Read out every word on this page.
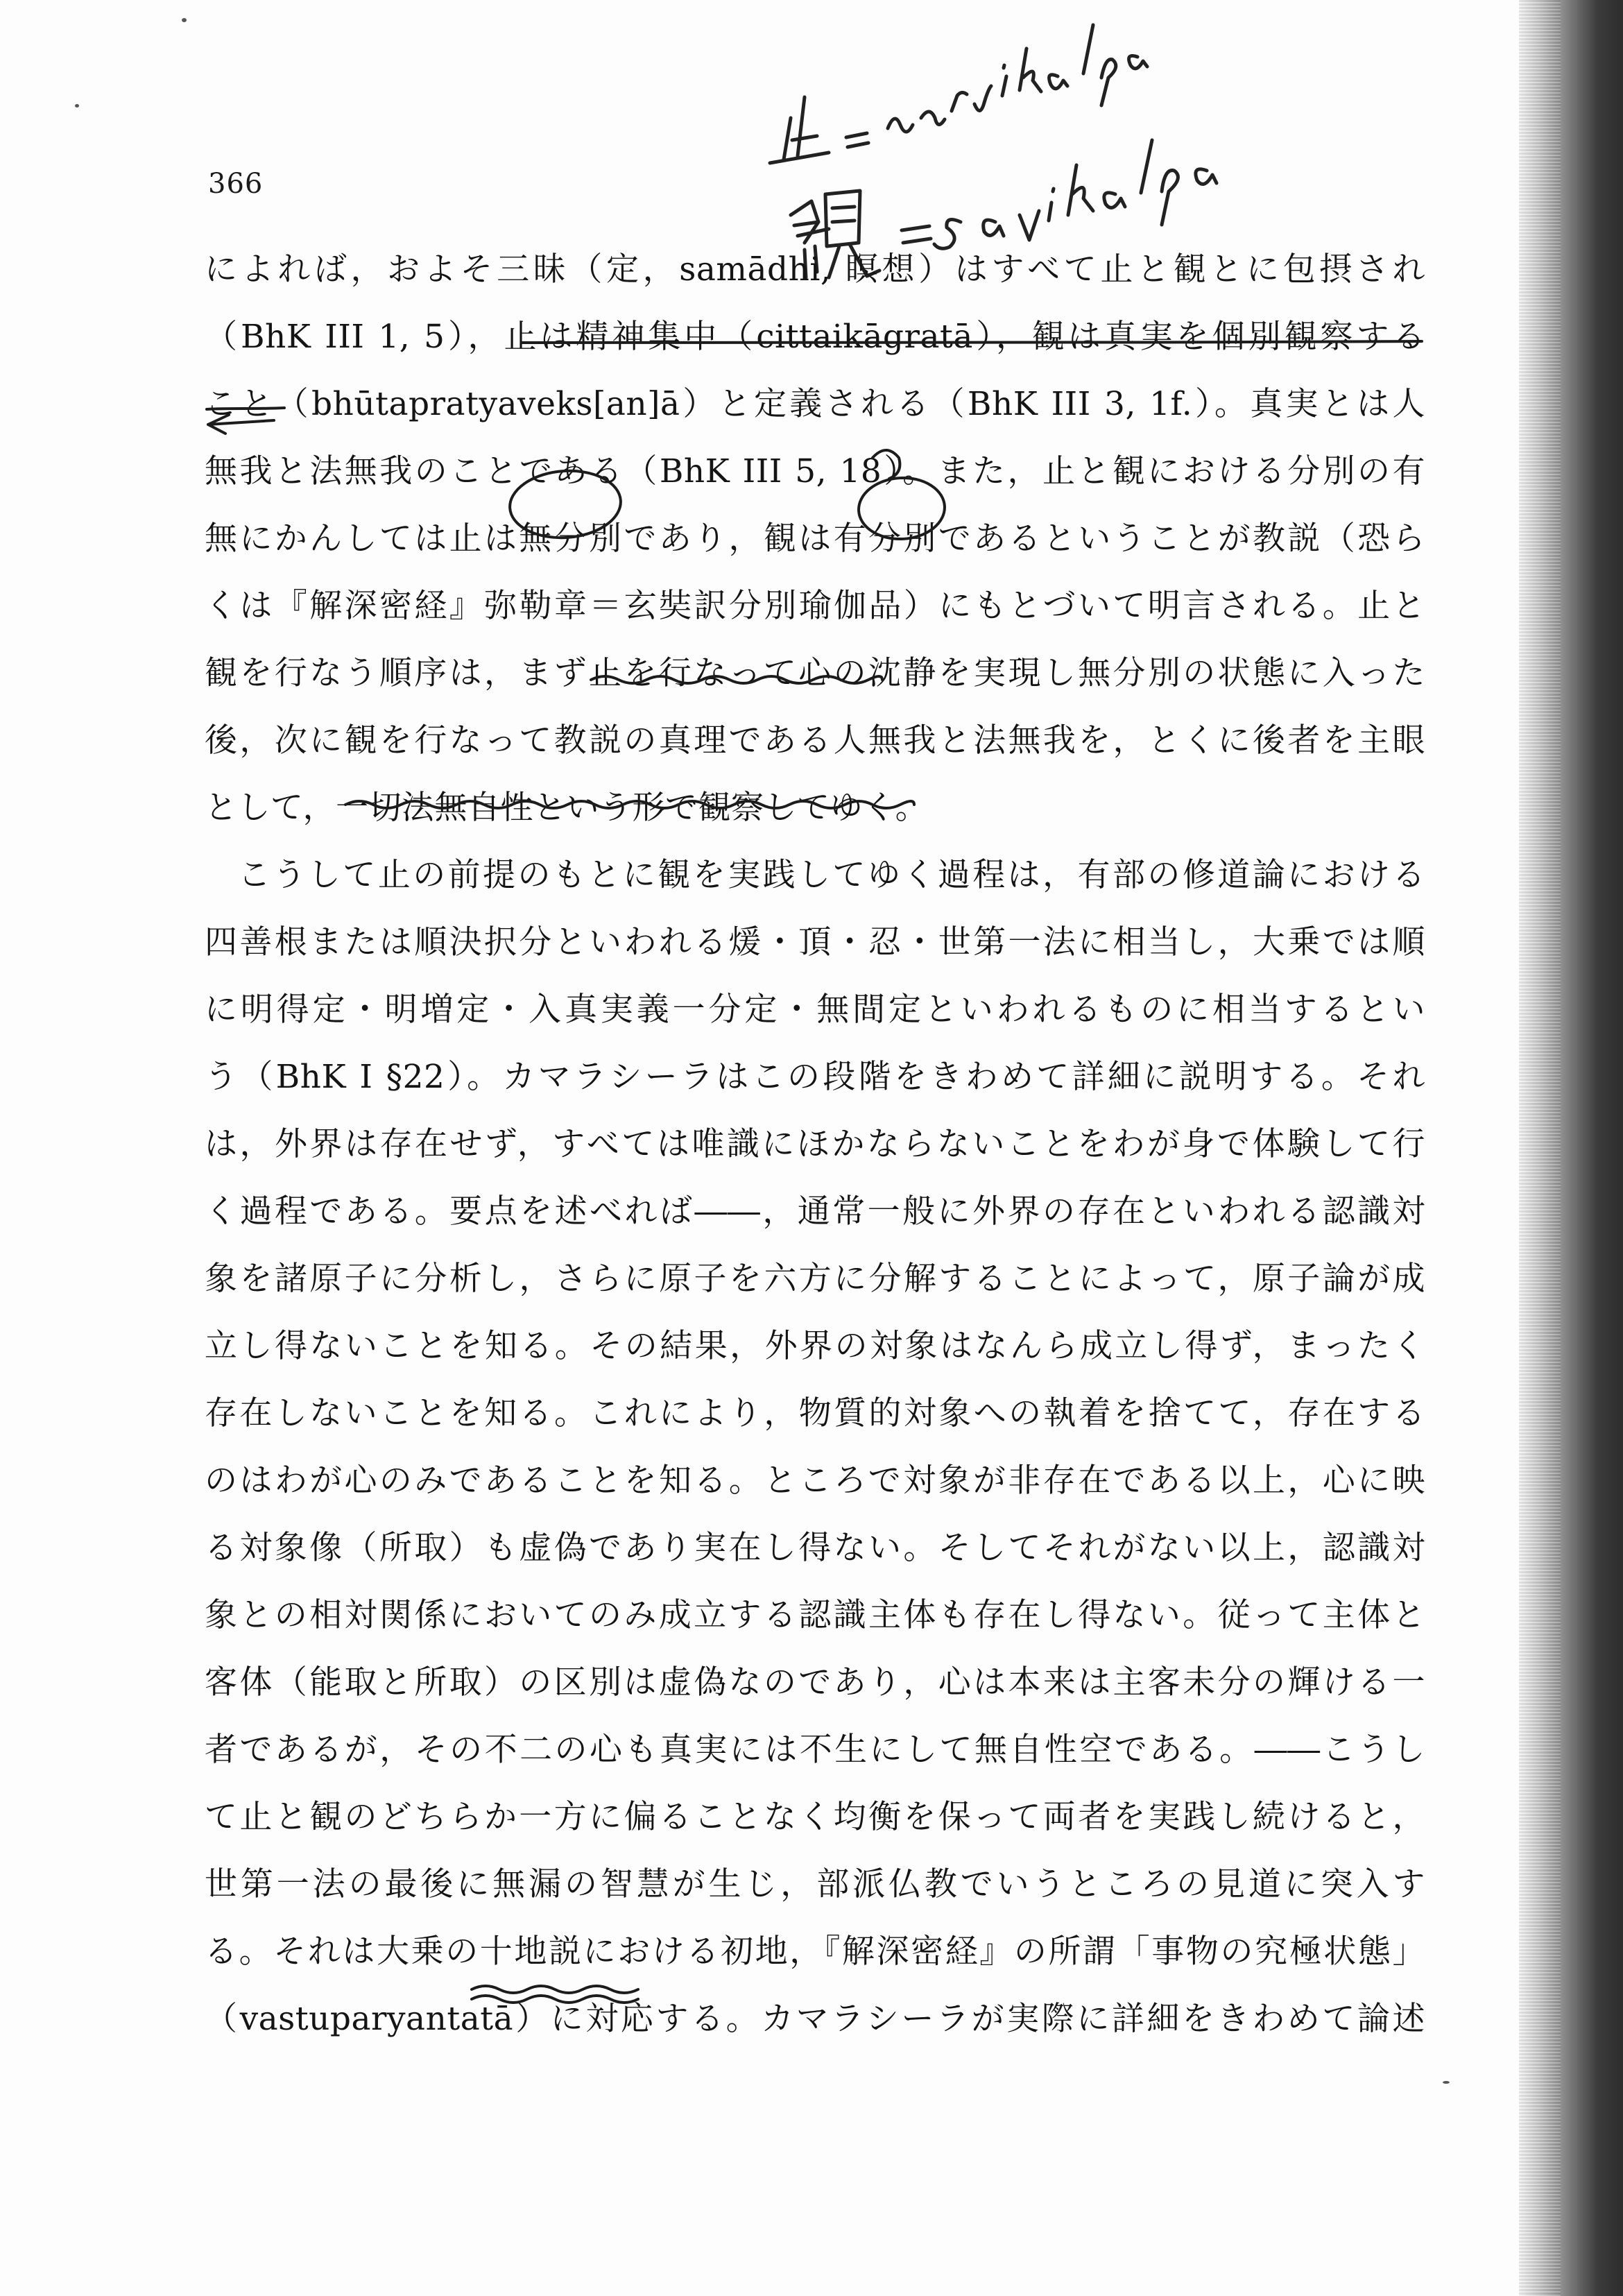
366
によれば，およそ三昧（定，samādhi, 瞑想）はすべて止と観とに包摂され
（BhK III 1, 5），止は精神集中（cittaikāgratā），観は真実を個別観察する
こと（bhūtapratyaveks[an]ā）と定義される（BhK III 3, 1f.）。真実とは人
無我と法無我のことである（BhK III 5, 18）。また，止と観における分別の有
無にかんしては止は無分別であり，観は有分別であるということが教説（恐ら
くは『解深密経』弥勒章＝玄奘訳分別瑜伽品）にもとづいて明言される。止と
観を行なう順序は，まず止を行なって心の沈静を実現し無分別の状態に入った
後，次に観を行なって教説の真理である人無我と法無我を，とくに後者を主眼
として，一切法無自性という形で観察してゆく。
こうして止の前提のもとに観を実践してゆく過程は，有部の修道論における
四善根または順決択分といわれる煖・頂・忍・世第一法に相当し，大乗では順
に明得定・明増定・入真実義一分定・無間定といわれるものに相当するとい
う（BhK I §22）。カマラシーラはこの段階をきわめて詳細に説明する。それ
は，外界は存在せず，すべては唯識にほかならないことをわが身で体験して行
く過程である。要点を述べれば――，通常一般に外界の存在といわれる認識対
象を諸原子に分析し，さらに原子を六方に分解することによって，原子論が成
立し得ないことを知る。その結果，外界の対象はなんら成立し得ず，まったく
存在しないことを知る。これにより，物質的対象への執着を捨てて，存在する
のはわが心のみであることを知る。ところで対象が非存在である以上，心に映
る対象像（所取）も虚偽であり実在し得ない。そしてそれがない以上，認識対
象との相対関係においてのみ成立する認識主体も存在し得ない。従って主体と
客体（能取と所取）の区別は虚偽なのであり，心は本来は主客未分の輝ける一
者であるが，その不二の心も真実には不生にして無自性空である。――こうし
て止と観のどちらか一方に偏ることなく均衡を保って両者を実践し続けると，
世第一法の最後に無漏の智慧が生じ，部派仏教でいうところの見道に突入す
る。それは大乗の十地説における初地，『解深密経』の所謂「事物の究極状態」
（vastuparyantatā）に対応する。カマラシーラが実際に詳細をきわめて論述
